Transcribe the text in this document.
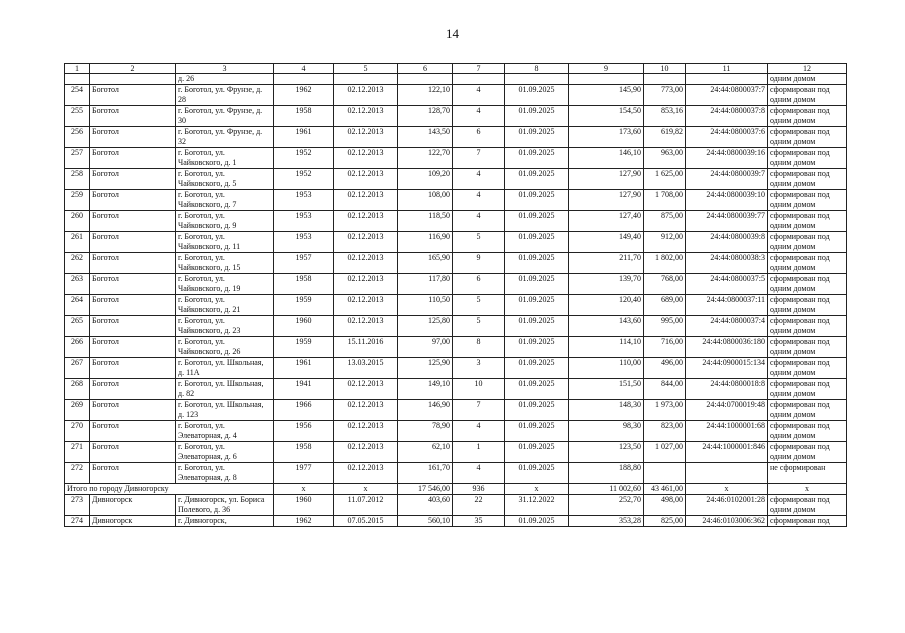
14
1	2	3	4	5	6	7	8	9	10	11	12
		д. 26									одним домом
254	Боготол	г. Боготол, ул. Фрунзе, д. 28	1962	02.12.2013	122,10	4	01.09.2025	145,90	773,00	24:44:0800037:7	сформирован под одним домом
255	Боготол	г. Боготол, ул. Фрунзе, д. 30	1958	02.12.2013	128,70	4	01.09.2025	154,50	853,16	24:44:0800037:8	сформирован под одним домом
256	Боготол	г. Боготол, ул. Фрунзе, д. 32	1961	02.12.2013	143,50	6	01.09.2025	173,60	619,82	24:44:0800037:6	сформирован под одним домом
257	Боготол	г. Боготол, ул. Чайковского, д. 1	1952	02.12.2013	122,70	7	01.09.2025	146,10	963,00	24:44:0800039:16	сформирован под одним домом
258	Боготол	г. Боготол, ул. Чайковского, д. 5	1952	02.12.2013	109,20	4	01.09.2025	127,90	1 625,00	24:44:0800039:7	сформирован под одним домом
259	Боготол	г. Боготол, ул. Чайковского, д. 7	1953	02.12.2013	108,00	4	01.09.2025	127,90	1 708,00	24:44:0800039:10	сформирован под одним домом
260	Боготол	г. Боготол, ул. Чайковского, д. 9	1953	02.12.2013	118,50	4	01.09.2025	127,40	875,00	24:44:0800039:77	сформирован под одним домом
261	Боготол	г. Боготол, ул. Чайковского, д. 11	1953	02.12.2013	116,90	5	01.09.2025	149,40	912,00	24:44:0800039:8	сформирован под одним домом
262	Боготол	г. Боготол, ул. Чайковского, д. 15	1957	02.12.2013	165,90	9	01.09.2025	211,70	1 802,00	24:44:0800038:3	сформирован под одним домом
263	Боготол	г. Боготол, ул. Чайковского, д. 19	1958	02.12.2013	117,80	6	01.09.2025	139,70	768,00	24:44:0800037:5	сформирован под одним домом
264	Боготол	г. Боготол, ул. Чайковского, д. 21	1959	02.12.2013	110,50	5	01.09.2025	120,40	689,00	24:44:0800037:11	сформирован под одним домом
265	Боготол	г. Боготол, ул. Чайковского, д. 23	1960	02.12.2013	125,80	5	01.09.2025	143,60	995,00	24:44:0800037:4	сформирован под одним домом
266	Боготол	г. Боготол, ул. Чайковского, д. 26	1959	15.11.2016	97,00	8	01.09.2025	114,10	716,00	24:44:0800036:180	сформирован под одним домом
267	Боготол	г. Боготол, ул. Школьная, д. 11А	1961	13.03.2015	125,90	3	01.09.2025	110,00	496,00	24:44:0900015:134	сформирован под одним домом
268	Боготол	г. Боготол, ул. Школьная, д. 82	1941	02.12.2013	149,10	10	01.09.2025	151,50	844,00	24:44:0800018:8	сформирован под одним домом
269	Боготол	г. Боготол, ул. Школьная, д. 123	1966	02.12.2013	146,90	7	01.09.2025	148,30	1 973,00	24:44:0700019:48	сформирован под одним домом
270	Боготол	г. Боготол, ул. Элеваторная, д. 4	1956	02.12.2013	78,90	4	01.09.2025	98,30	823,00	24:44:1000001:68	сформирован под одним домом
271	Боготол	г. Боготол, ул. Элеваторная, д. 6	1958	02.12.2013	62,10	1	01.09.2025	123,50	1 027,00	24:44:1000001:846	сформирован под одним домом
272	Боготол	г. Боготол, ул. Элеваторная, д. 8	1977	02.12.2013	161,70	4	01.09.2025	188,80			не сформирован
Итого по городу Дивногорску			x	x	17 546,00	936	x	11 002,60	43 461,00	x	x
273	Дивногорск	г. Дивногорск, ул. Бориса Полевого, д. 36	1960	11.07.2012	403,60	22	31.12.2022	252,70	498,00	24:46:0102001:28	сформирован под одним домом
274	Дивногорск	г. Дивногорск,	1962	07.05.2015	560,10	35	01.09.2025	353,28	825,00	24:46:0103006:362	сформирован под
